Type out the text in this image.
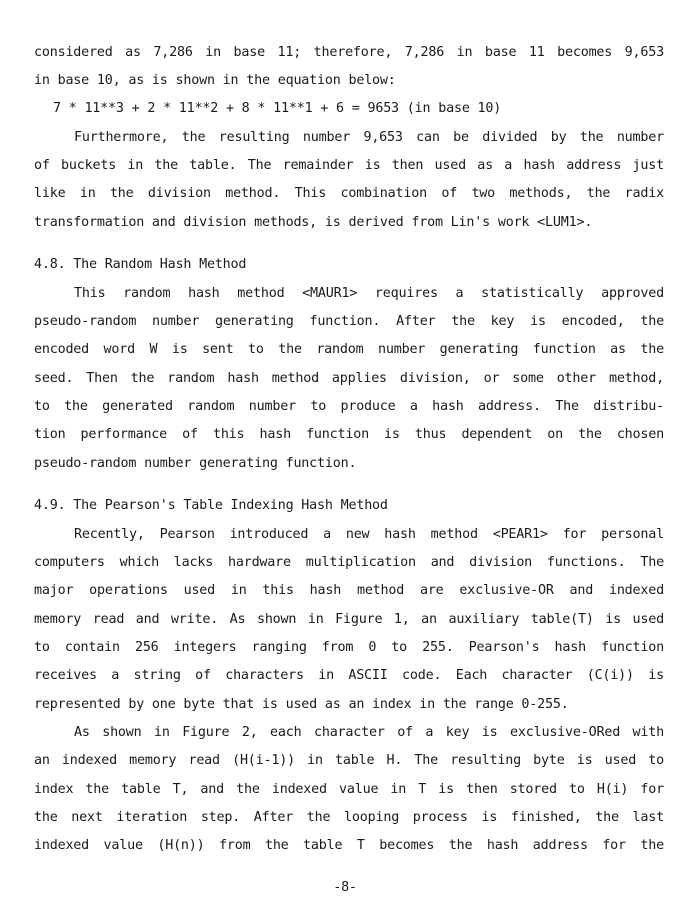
considered as 7,286 in base 11; therefore, 7,286 in base 11 becomes 9,653
in base 10, as is shown in the equation below:
7 * 11**3 + 2 * 11**2 + 8 * 11**1 + 6 = 9653 (in base 10)
Furthermore, the resulting number 9,653 can be divided by the number
of buckets in the table. The remainder is then used as a hash address just
like in the division method. This combination of two methods, the radix
transformation and division methods, is derived from Lin's work <LUM1>.
4.8. The Random Hash Method
This random hash method <MAUR1> requires a statistically approved
pseudo-random number generating function. After the key is encoded, the
encoded word W is sent to the random number generating function as the
seed. Then the random hash method applies division, or some other method,
to the generated random number to produce a hash address. The distribu-
tion performance of this hash function is thus dependent on the chosen
pseudo-random number generating function.
4.9. The Pearson's Table Indexing Hash Method
Recently, Pearson introduced a new hash method <PEAR1> for personal
computers which lacks hardware multiplication and division functions. The
major operations used in this hash method are exclusive-OR and indexed
memory read and write. As shown in Figure 1, an auxiliary table(T) is used
to contain 256 integers ranging from 0 to 255. Pearson's hash function
receives a string of characters in ASCII code. Each character (C(i)) is
represented by one byte that is used as an index in the range 0-255.
As shown in Figure 2, each character of a key is exclusive-ORed with
an indexed memory read (H(i-1)) in table H. The resulting byte is used to
index the table T, and the indexed value in T is then stored to H(i) for
the next iteration step. After the looping process is finished, the last
indexed value (H(n)) from the table T becomes the hash address for the
-8-
